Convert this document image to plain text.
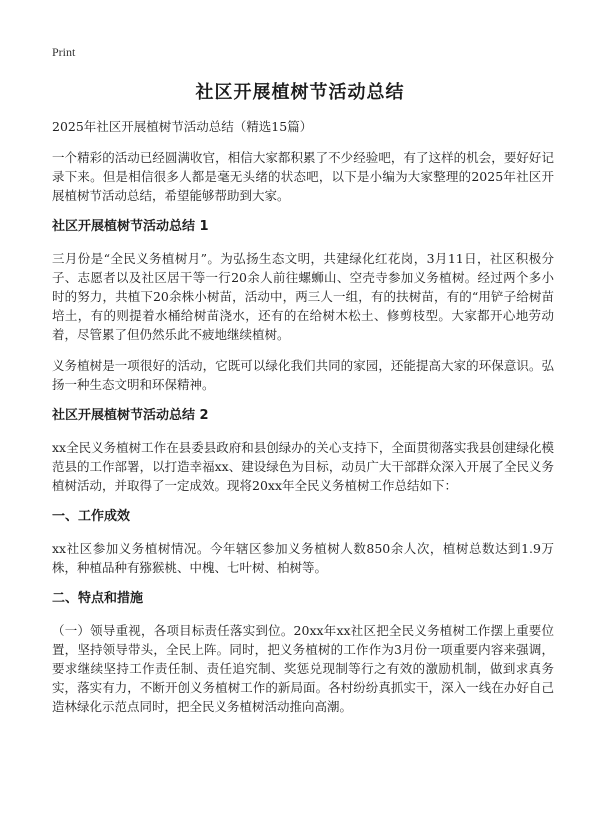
Print
社区开展植树节活动总结

2025年社区开展植树节活动总结（精选15篇）

一个精彩的活动已经圆满收官，相信大家都积累了不少经验吧，有了这样的机会，要好好记录下来。但是相信很多人都是毫无头绪的状态吧，以下是小编为大家整理的2025年社区开展植树节活动总结，希望能够帮助到大家。

社区开展植树节活动总结 1

三月份是“全民义务植树月”。为弘扬生态文明，共建绿化红花岗，3月11日，社区积极分子、志愿者以及社区居干等一行20余人前往螺蛳山、空壳寺参加义务植树。经过两个多小时的努力，共植下20余株小树苗，活动中，两三人一组，有的扶树苗，有的“用铲子给树苗培土，有的则提着水桶给树苗浇水，还有的在给树木松土、修剪枝型。大家都开心地劳动着，尽管累了但仍然乐此不疲地继续植树。

义务植树是一项很好的活动，它既可以绿化我们共同的家园，还能提高大家的环保意识。弘扬一种生态文明和环保精神。

社区开展植树节活动总结 2

xx全民义务植树工作在县委县政府和县创绿办的关心支持下，全面贯彻落实我县创建绿化模范县的工作部署，以打造幸福xx、建设绿色为目标，动员广大干部群众深入开展了全民义务植树活动，并取得了一定成效。现将20xx年全民义务植树工作总结如下：

一、工作成效

xx社区参加义务植树情况。今年辖区参加义务植树人数850余人次，植树总数达到1.9万株，种植品种有猕猴桃、中槐、七叶树、柏树等。

二、特点和措施

（一）领导重视，各项目标责任落实到位。20xx年xx社区把全民义务植树工作摆上重要位置，坚持领导带头，全民上阵。同时，把义务植树的工作作为3月份一项重要内容来强调，要求继续坚持工作责任制、责任追究制、奖惩兑现制等行之有效的激励机制，做到求真务实，落实有力，不断开创义务植树工作的新局面。各村纷纷真抓实干，深入一线在办好自己造林绿化示范点同时，把全民义务植树活动推向高潮。
